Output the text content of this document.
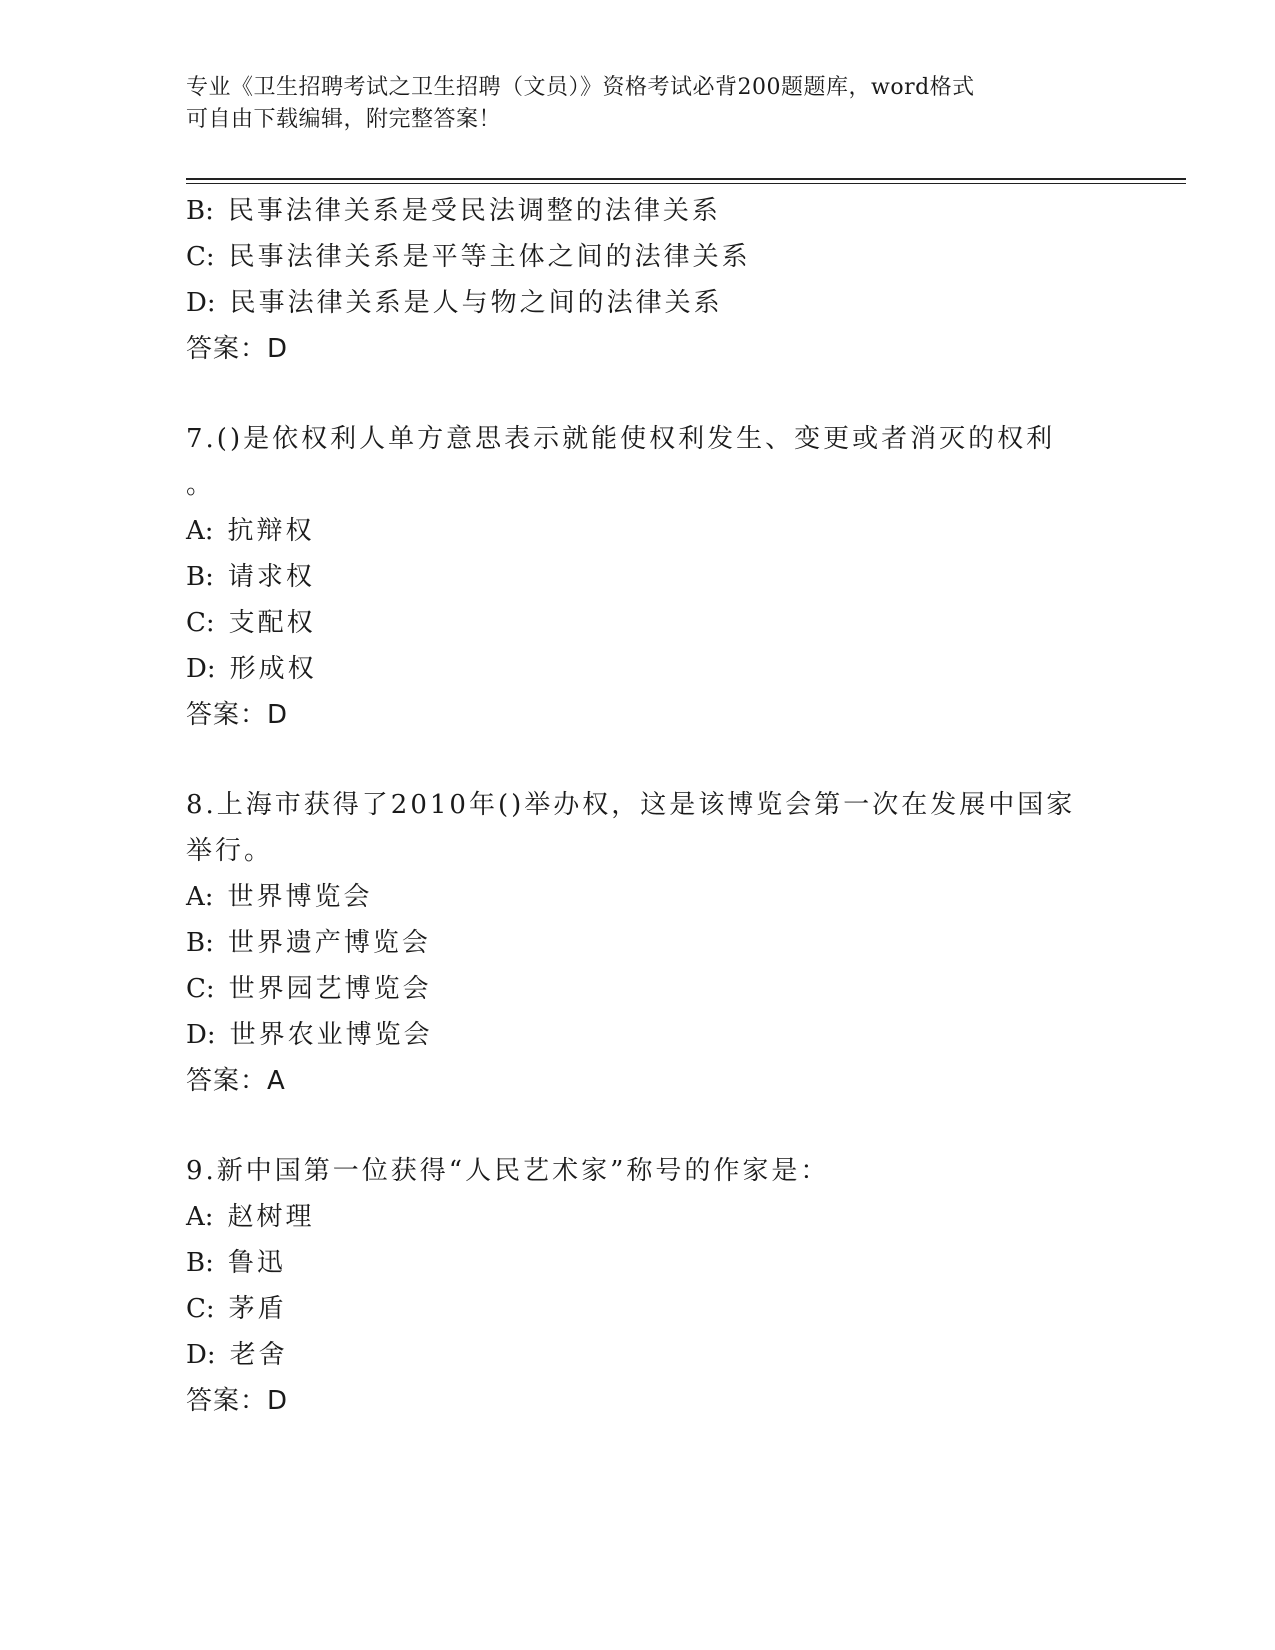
专业《卫生招聘考试之卫生招聘（文员）》资格考试必背200题题库，word格式
可自由下载编辑，附完整答案！
B: 民事法律关系是受民法调整的法律关系
C: 民事法律关系是平等主体之间的法律关系
D: 民事法律关系是人与物之间的法律关系
答案：D
7.()是依权利人单方意思表示就能使权利发生、变更或者消灭的权利
。
A: 抗辩权
B: 请求权
C: 支配权
D: 形成权
答案：D
8.上海市获得了2010年()举办权，这是该博览会第一次在发展中国家
举行。
A: 世界博览会
B: 世界遗产博览会
C: 世界园艺博览会
D: 世界农业博览会
答案：A
9.新中国第一位获得“人民艺术家”称号的作家是：
A: 赵树理
B: 鲁迅
C: 茅盾
D: 老舍
答案：D
